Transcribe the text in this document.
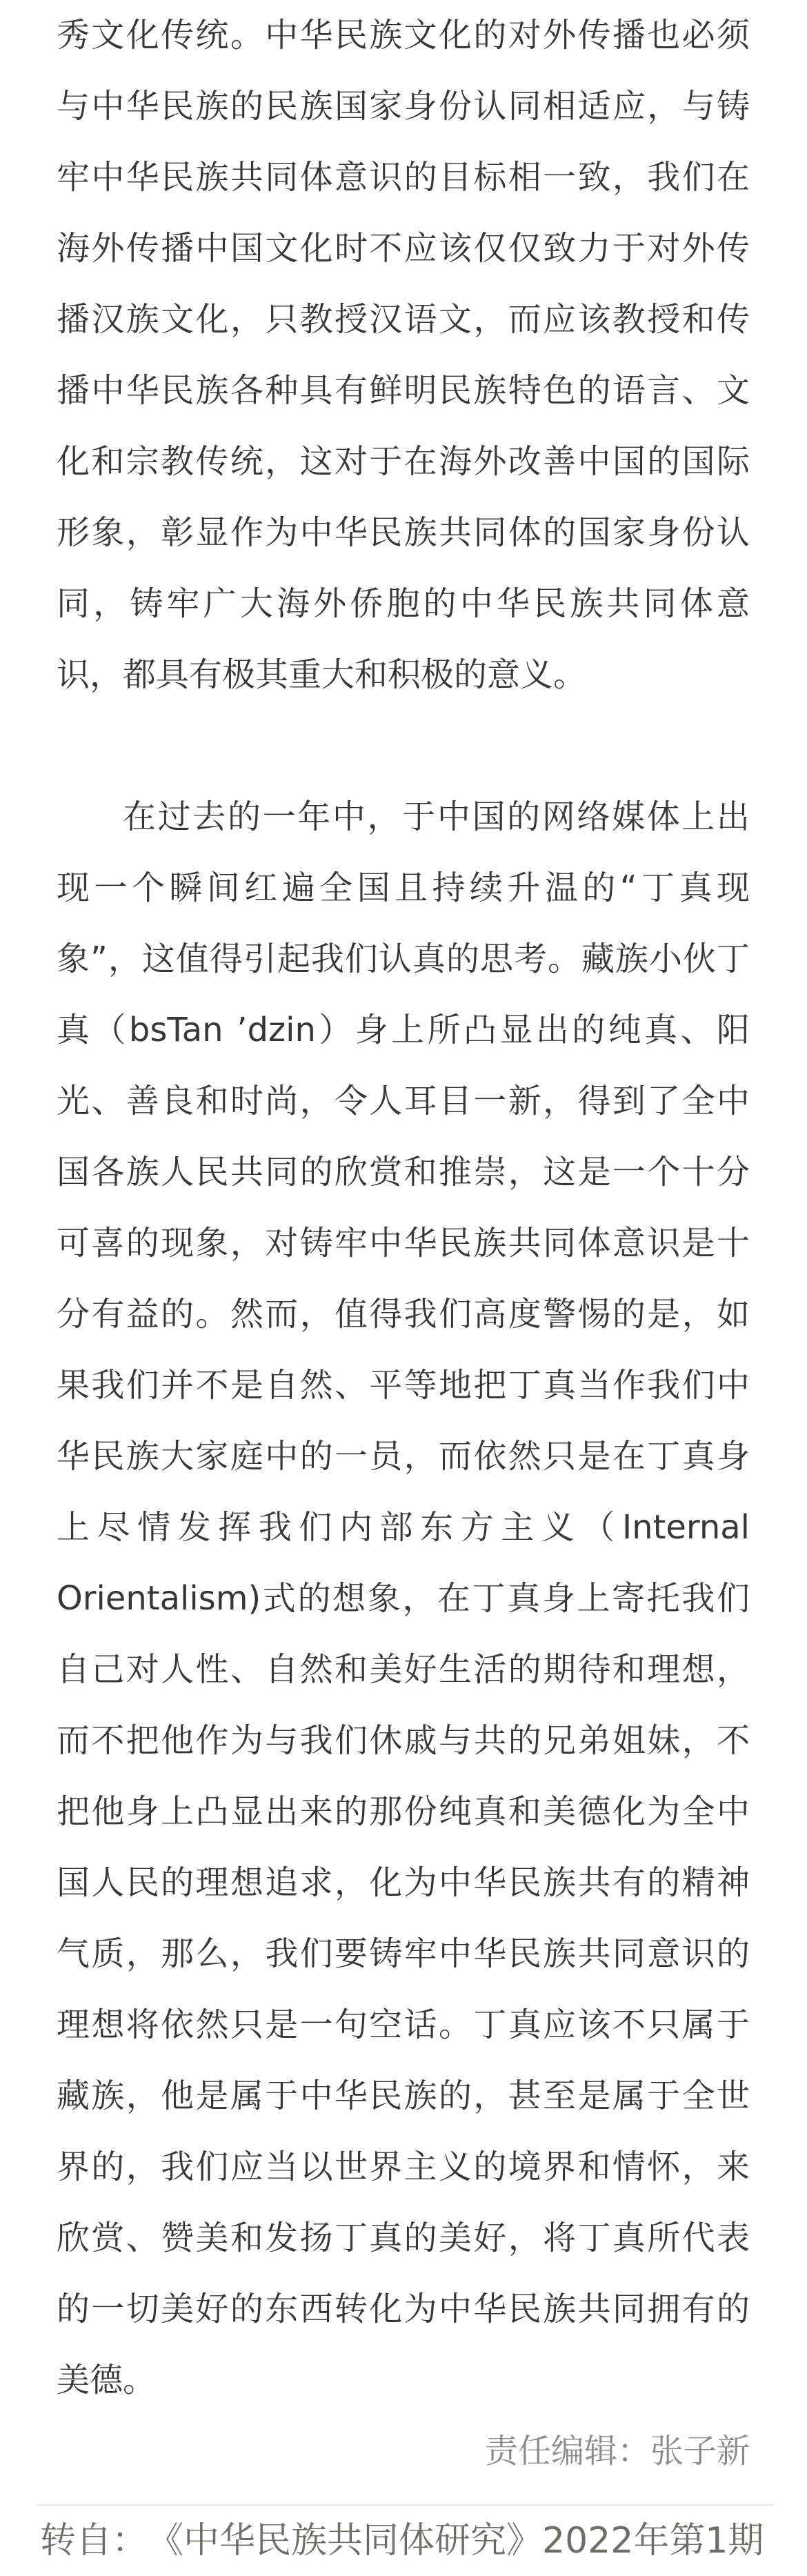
秀文化传统。中华民族文化的对外传播也必须与中华民族的民族国家身份认同相适应，与铸牢中华民族共同体意识的目标相一致，我们在海外传播中国文化时不应该仅仅致力于对外传播汉族文化，只教授汉语文，而应该教授和传播中华民族各种具有鲜明民族特色的语言、文化和宗教传统，这对于在海外改善中国的国际形象，彰显作为中华民族共同体的国家身份认同，铸牢广大海外侨胞的中华民族共同体意识，都具有极其重大和积极的意义。

在过去的一年中，于中国的网络媒体上出现一个瞬间红遍全国且持续升温的“丁真现象”，这值得引起我们认真的思考。藏族小伙丁真（bsTan ’dzin）身上所凸显出的纯真、阳光、善良和时尚，令人耳目一新，得到了全中国各族人民共同的欣赏和推崇，这是一个十分可喜的现象，对铸牢中华民族共同体意识是十分有益的。然而，值得我们高度警惕的是，如果我们并不是自然、平等地把丁真当作我们中华民族大家庭中的一员，而依然只是在丁真身上尽情发挥我们内部东方主义（Internal Orientalism)式的想象，在丁真身上寄托我们自己对人性、自然和美好生活的期待和理想，而不把他作为与我们休戚与共的兄弟姐妹，不把他身上凸显出来的那份纯真和美德化为全中国人民的理想追求，化为中华民族共有的精神气质，那么，我们要铸牢中华民族共同意识的理想将依然只是一句空话。丁真应该不只属于藏族，他是属于中华民族的，甚至是属于全世界的，我们应当以世界主义的境界和情怀，来欣赏、赞美和发扬丁真的美好，将丁真所代表的一切美好的东西转化为中华民族共同拥有的美德。

责任编辑：张子新

转自：　《中华民族共同体研究》2022年第1期
